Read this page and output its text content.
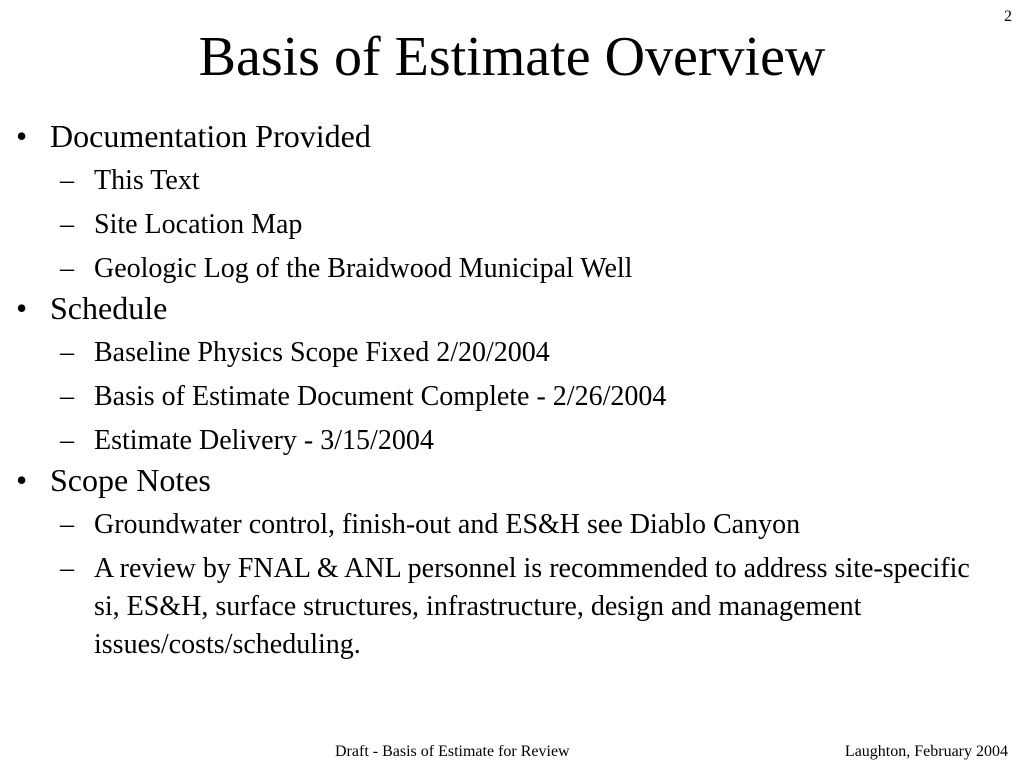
2
Basis of Estimate Overview
• Documentation Provided
– This Text
– Site Location Map
– Geologic Log of the Braidwood Municipal Well
• Schedule
– Baseline Physics Scope Fixed 2/20/2004
– Basis of Estimate Document Complete - 2/26/2004
– Estimate Delivery - 3/15/2004
• Scope Notes
– Groundwater control, finish-out and ES&H see Diablo Canyon
– A review by FNAL & ANL personnel is recommended to address site-specific si, ES&H, surface structures, infrastructure, design and management issues/costs/scheduling.
Draft - Basis of Estimate for Review	Laughton, February 2004
